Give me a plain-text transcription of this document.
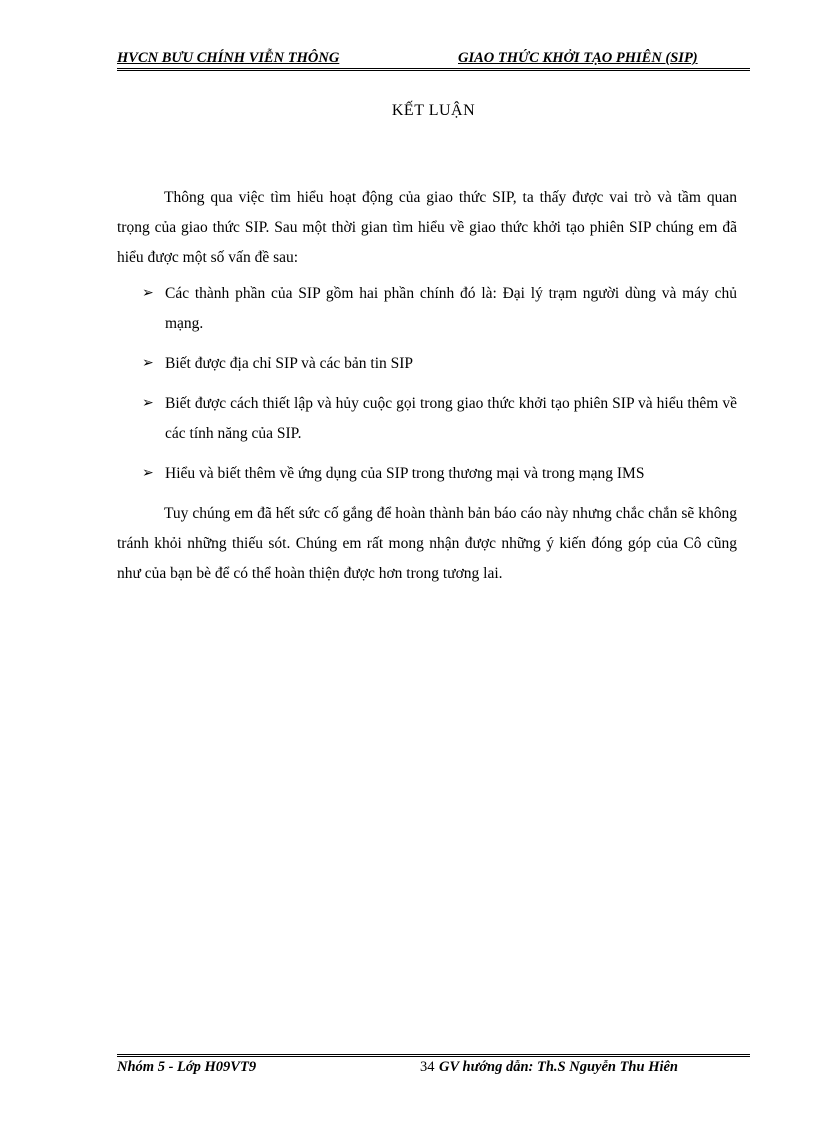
HVCN BƯU CHÍNH VIỄN THÔNG	GIAO THỨC KHỞI TẠO PHIÊN (SIP)
KẾT LUẬN

Thông qua việc tìm hiểu hoạt động của giao thức SIP, ta thấy được vai trò và tầm quan trọng của giao thức SIP. Sau một thời gian tìm hiểu về giao thức khởi tạo phiên SIP chúng em đã hiểu được một số vấn đề sau:

➢ Các thành phần của SIP gồm hai phần chính đó là: Đại lý trạm người dùng và máy chủ mạng.
➢ Biết được địa chỉ SIP và các bản tin SIP
➢ Biết được cách thiết lập và hủy cuộc gọi trong giao thức khởi tạo phiên SIP và hiểu thêm về các tính năng của SIP.
➢ Hiểu và biết thêm về ứng dụng của SIP trong thương mại và trong mạng IMS

Tuy chúng em đã hết sức cố gắng để hoàn thành bản báo cáo này nhưng chắc chắn sẽ không tránh khỏi những thiếu sót. Chúng em rất mong nhận được những ý kiến đóng góp của Cô cũng như của bạn bè để có thể hoàn thiện được hơn trong tương lai.

Nhóm 5 - Lớp H09VT9	34 GV hướng dẫn: Th.S Nguyễn Thu Hiên
